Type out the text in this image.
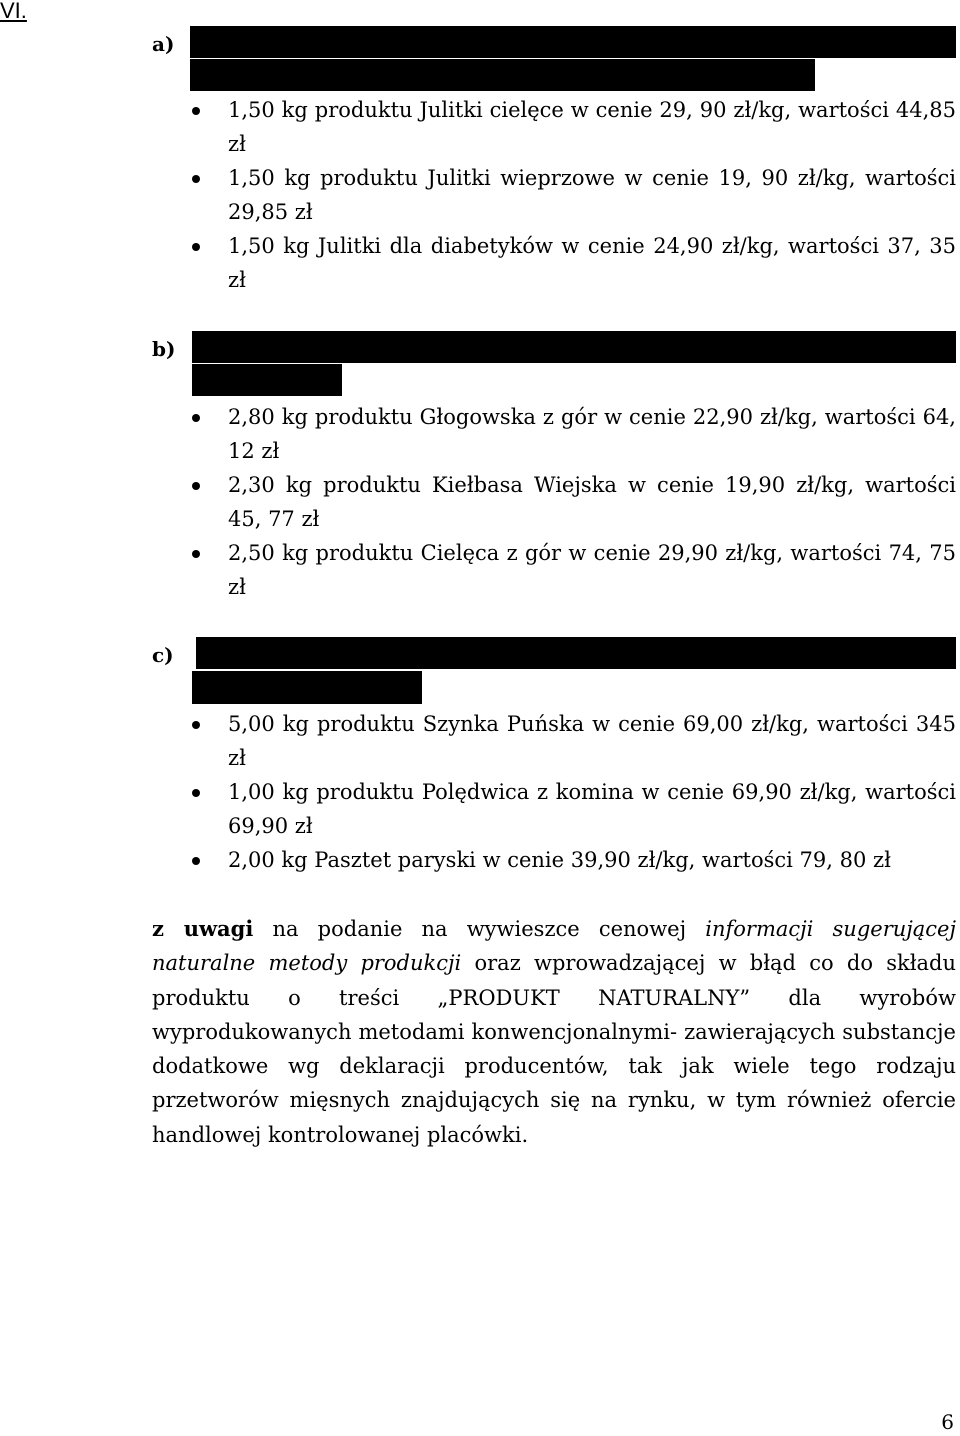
VI.
a)
1,50 kg produktu Julitki cielęce w cenie 29, 90 zł/kg, wartości 44,85 zł
1,50 kg produktu Julitki wieprzowe w cenie 19, 90 zł/kg, wartości 29,85 zł
1,50 kg Julitki dla diabetyków w cenie 24,90 zł/kg, wartości 37, 35 zł
b)
2,80 kg produktu Głogowska z gór w cenie 22,90 zł/kg, wartości 64, 12 zł
2,30 kg produktu Kiełbasa Wiejska w cenie 19,90 zł/kg, wartości 45, 77 zł
2,50 kg produktu Cielęca z gór w cenie 29,90 zł/kg, wartości 74, 75 zł
c)
5,00 kg produktu Szynka Puńska w cenie 69,00 zł/kg, wartości 345 zł
1,00 kg produktu Polędwica z komina w cenie 69,90 zł/kg, wartości 69,90 zł
2,00 kg Pasztet paryski w cenie 39,90 zł/kg, wartości 79, 80 zł

z uwagi na podanie na wywieszce cenowej informacji sugerującej naturalne metody produkcji oraz wprowadzającej w błąd co do składu produktu o treści „PRODUKT NATURALNY” dla wyrobów wyprodukowanych metodami konwencjonalnymi- zawierających substancje dodatkowe wg deklaracji producentów, tak jak wiele tego rodzaju przetworów mięsnych znajdujących się na rynku, w tym również ofercie handlowej kontrolowanej placówki.

6
